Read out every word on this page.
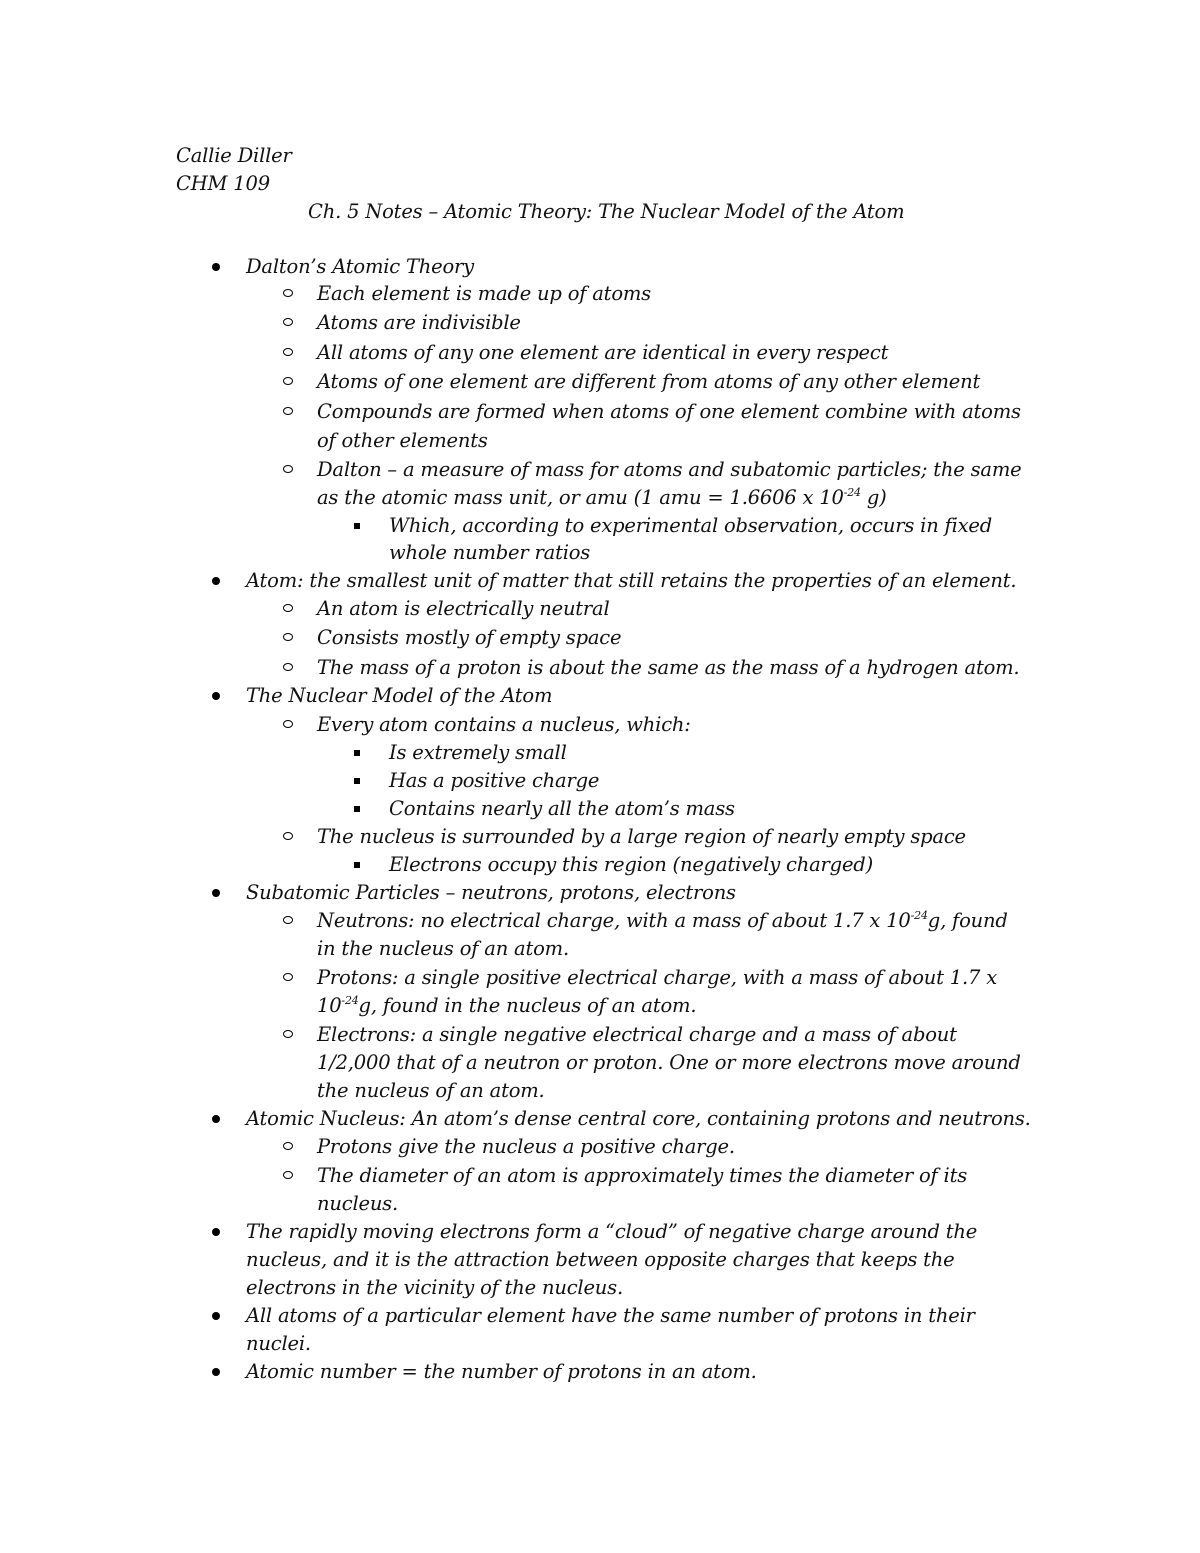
Callie Diller
CHM 109
Ch. 5 Notes – Atomic Theory: The Nuclear Model of the Atom
Dalton’s Atomic Theory
Each element is made up of atoms
Atoms are indivisible
All atoms of any one element are identical in every respect
Atoms of one element are different from atoms of any other element
Compounds are formed when atoms of one element combine with atoms
of other elements
Dalton – a measure of mass for atoms and subatomic particles; the same
as the atomic mass unit, or amu (1 amu = 1.6606 x $10^{-24}$ g)
Which, according to experimental observation, occurs in fixed
whole number ratios
Atom: the smallest unit of matter that still retains the properties of an element.
An atom is electrically neutral
Consists mostly of empty space
The mass of a proton is about the same as the mass of a hydrogen atom.
The Nuclear Model of the Atom
Every atom contains a nucleus, which:
Is extremely small
Has a positive charge
Contains nearly all the atom’s mass
The nucleus is surrounded by a large region of nearly empty space
Electrons occupy this region (negatively charged)
Subatomic Particles – neutrons, protons, electrons
Neutrons: no electrical charge, with a mass of about 1.7 x $10^{-24}g$, found
in the nucleus of an atom.
Protons: a single positive electrical charge, with a mass of about 1.7 x
$10^{-24}g$, found in the nucleus of an atom.
Electrons: a single negative electrical charge and a mass of about
1/2,000 that of a neutron or proton. One or more electrons move around
the nucleus of an atom.
Atomic Nucleus: An atom’s dense central core, containing protons and neutrons.
Protons give the nucleus a positive charge.
The diameter of an atom is approximately times the diameter of its
nucleus.
The rapidly moving electrons form a “cloud” of negative charge around the
nucleus, and it is the attraction between opposite charges that keeps the
electrons in the vicinity of the nucleus.
All atoms of a particular element have the same number of protons in their
nuclei.
Atomic number = the number of protons in an atom.
